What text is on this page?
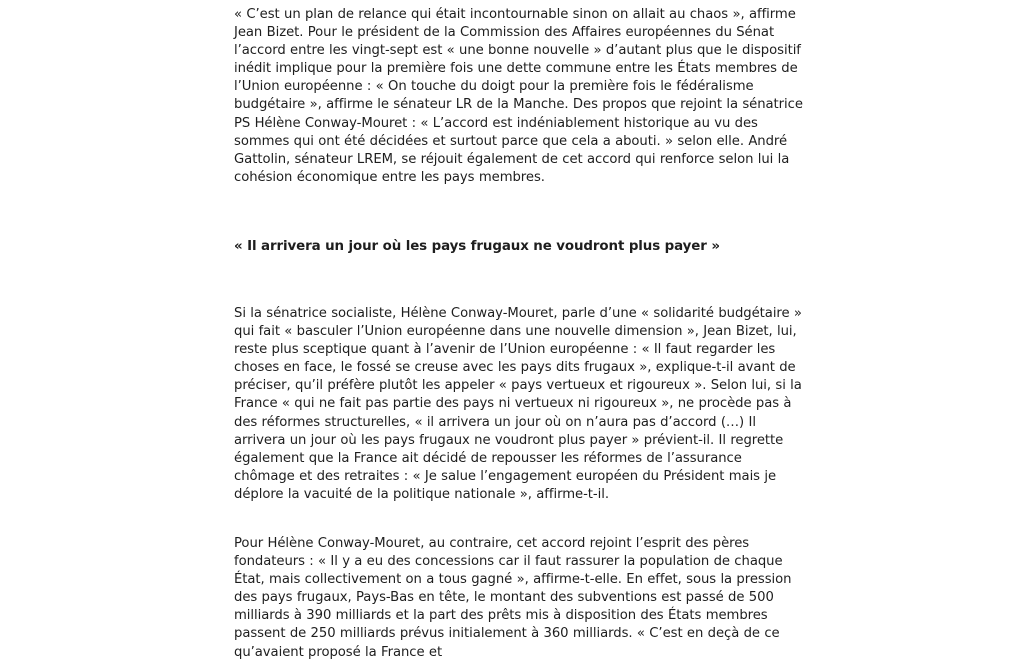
« C’est un plan de relance qui était incontournable sinon on allait au chaos », affirme Jean Bizet. Pour le président de la Commission des Affaires européennes du Sénat l’accord entre les vingt-sept est « une bonne nouvelle » d’autant plus que le dispositif inédit implique pour la première fois une dette commune entre les États membres de l’Union européenne : « On touche du doigt pour la première fois le fédéralisme budgétaire », affirme le sénateur LR de la Manche. Des propos que rejoint la sénatrice PS Hélène Conway-Mouret : « L’accord est indéniablement historique au vu des sommes qui ont été décidées et surtout parce que cela a abouti. » selon elle. André Gattolin, sénateur LREM, se réjouit également de cet accord qui renforce selon lui la cohésion économique entre les pays membres.

« Il arrivera un jour où les pays frugaux ne voudront plus payer »

Si la sénatrice socialiste, Hélène Conway-Mouret, parle d’une « solidarité budgétaire » qui fait « basculer l’Union européenne dans une nouvelle dimension », Jean Bizet, lui, reste plus sceptique quant à l’avenir de l’Union européenne : « Il faut regarder les choses en face, le fossé se creuse avec les pays dits frugaux », explique-t-il avant de préciser, qu’il préfère plutôt les appeler « pays vertueux et rigoureux ». Selon lui, si la France « qui ne fait pas partie des pays ni vertueux ni rigoureux », ne procède pas à des réformes structurelles, « il arrivera un jour où on n’aura pas d’accord (…) Il arrivera un jour où les pays frugaux ne voudront plus payer » prévient-il. Il regrette également que la France ait décidé de repousser les réformes de l’assurance chômage et des retraites : « Je salue l’engagement européen du Président mais je déplore la vacuité de la politique nationale », affirme-t-il.

Pour Hélène Conway-Mouret, au contraire, cet accord rejoint l’esprit des pères fondateurs : « Il y a eu des concessions car il faut rassurer la population de chaque État, mais collectivement on a tous gagné », affirme-t-elle. En effet, sous la pression des pays frugaux, Pays-Bas en tête, le montant des subventions est passé de 500 milliards à 390 milliards et la part des prêts mis à disposition des États membres passent de 250 milliards prévus initialement à 360 milliards. « C’est en deçà de ce qu’avaient proposé la France et
